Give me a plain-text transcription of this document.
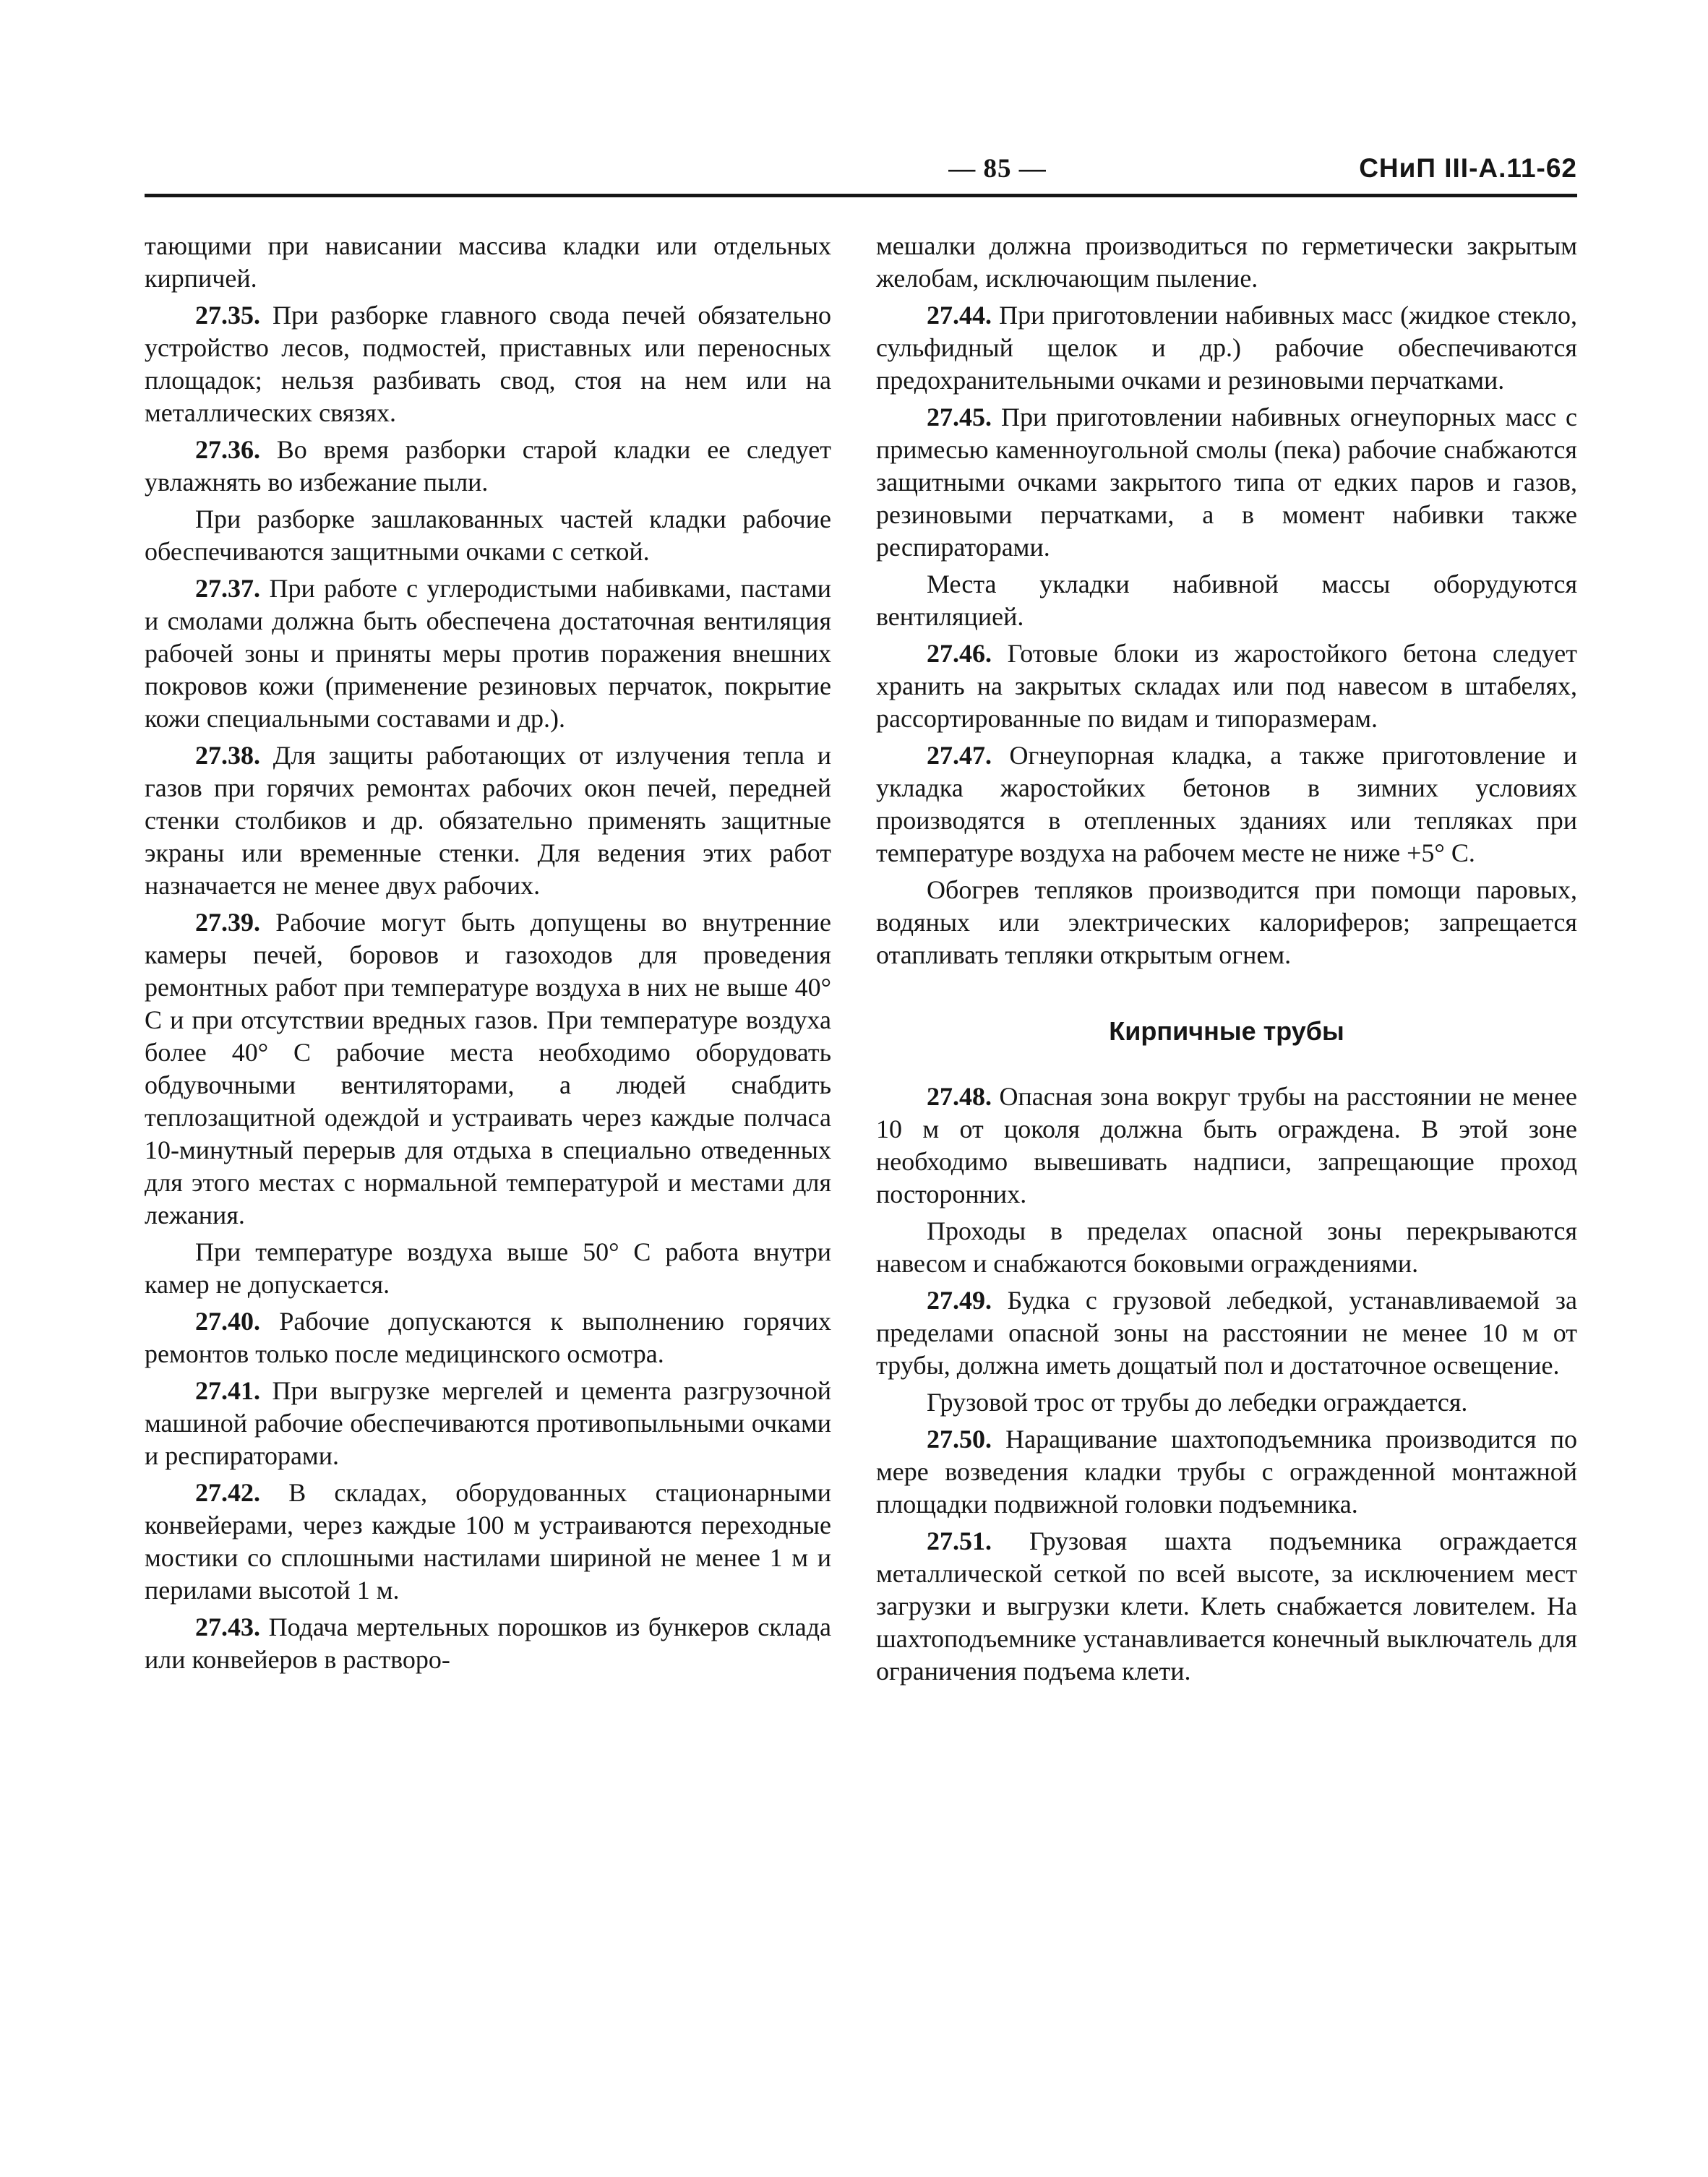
— 85 —	СНиП III-А.11-62

тающими при нависании массива кладки или отдельных кирпичей.

27.35. При разборке главного свода печей обязательно устройство лесов, подмостей, приставных или переносных площадок; нельзя разбивать свод, стоя на нем или на металлических связях.

27.36. Во время разборки старой кладки ее следует увлажнять во избежание пыли.

При разборке зашлакованных частей кладки рабочие обеспечиваются защитными очками с сеткой.

27.37. При работе с углеродистыми набивками, пастами и смолами должна быть обеспечена достаточная вентиляция рабочей зоны и приняты меры против поражения внешних покровов кожи (применение резиновых перчаток, покрытие кожи специальными составами и др.).

27.38. Для защиты работающих от излучения тепла и газов при горячих ремонтах рабочих окон печей, передней стенки столбиков и др. обязательно применять защитные экраны или временные стенки. Для ведения этих работ назначается не менее двух рабочих.

27.39. Рабочие могут быть допущены во внутренние камеры печей, боровов и газоходов для проведения ремонтных работ при температуре воздуха в них не выше 40° С и при отсутствии вредных газов. При температуре воздуха более 40° С рабочие места необходимо оборудовать обдувочными вентиляторами, а людей снабдить теплозащитной одеждой и устраивать через каждые полчаса 10-минутный перерыв для отдыха в специально отведенных для этого местах с нормальной температурой и местами для лежания.

При температуре воздуха выше 50° С работа внутри камер не допускается.

27.40. Рабочие допускаются к выполнению горячих ремонтов только после медицинского осмотра.

27.41. При выгрузке мергелей и цемента разгрузочной машиной рабочие обеспечиваются противопыльными очками и респираторами.

27.42. В складах, оборудованных стационарными конвейерами, через каждые 100 м устраиваются переходные мостики со сплошными настилами шириной не менее 1 м и перилами высотой 1 м.

27.43. Подача мертельных порошков из бункеров склада или конвейеров в растворо-

мешалки должна производиться по герметически закрытым желобам, исключающим пыление.

27.44. При приготовлении набивных масс (жидкое стекло, сульфидный щелок и др.) рабочие обеспечиваются предохранительными очками и резиновыми перчатками.

27.45. При приготовлении набивных огнеупорных масс с примесью каменноугольной смолы (пека) рабочие снабжаются защитными очками закрытого типа от едких паров и газов, резиновыми перчатками, а в момент набивки также респираторами.

Места укладки набивной массы оборудуются вентиляцией.

27.46. Готовые блоки из жаростойкого бетона следует хранить на закрытых складах или под навесом в штабелях, рассортированные по видам и типоразмерам.

27.47. Огнеупорная кладка, а также приготовление и укладка жаростойких бетонов в зимних условиях производятся в отепленных зданиях или тепляках при температуре воздуха на рабочем месте не ниже +5° С.

Обогрев тепляков производится при помощи паровых, водяных или электрических калориферов; запрещается отапливать тепляки открытым огнем.

Кирпичные трубы

27.48. Опасная зона вокруг трубы на расстоянии не менее 10 м от цоколя должна быть ограждена. В этой зоне необходимо вывешивать надписи, запрещающие проход посторонних.

Проходы в пределах опасной зоны перекрываются навесом и снабжаются боковыми ограждениями.

27.49. Будка с грузовой лебедкой, устанавливаемой за пределами опасной зоны на расстоянии не менее 10 м от трубы, должна иметь дощатый пол и достаточное освещение.

Грузовой трос от трубы до лебедки ограждается.

27.50. Наращивание шахтоподъемника производится по мере возведения кладки трубы с огражденной монтажной площадки подвижной головки подъемника.

27.51. Грузовая шахта подъемника ограждается металлической сеткой по всей высоте, за исключением мест загрузки и выгрузки клети. Клеть снабжается ловителем. На шахтоподъемнике устанавливается конечный выключатель для ограничения подъема клети.
